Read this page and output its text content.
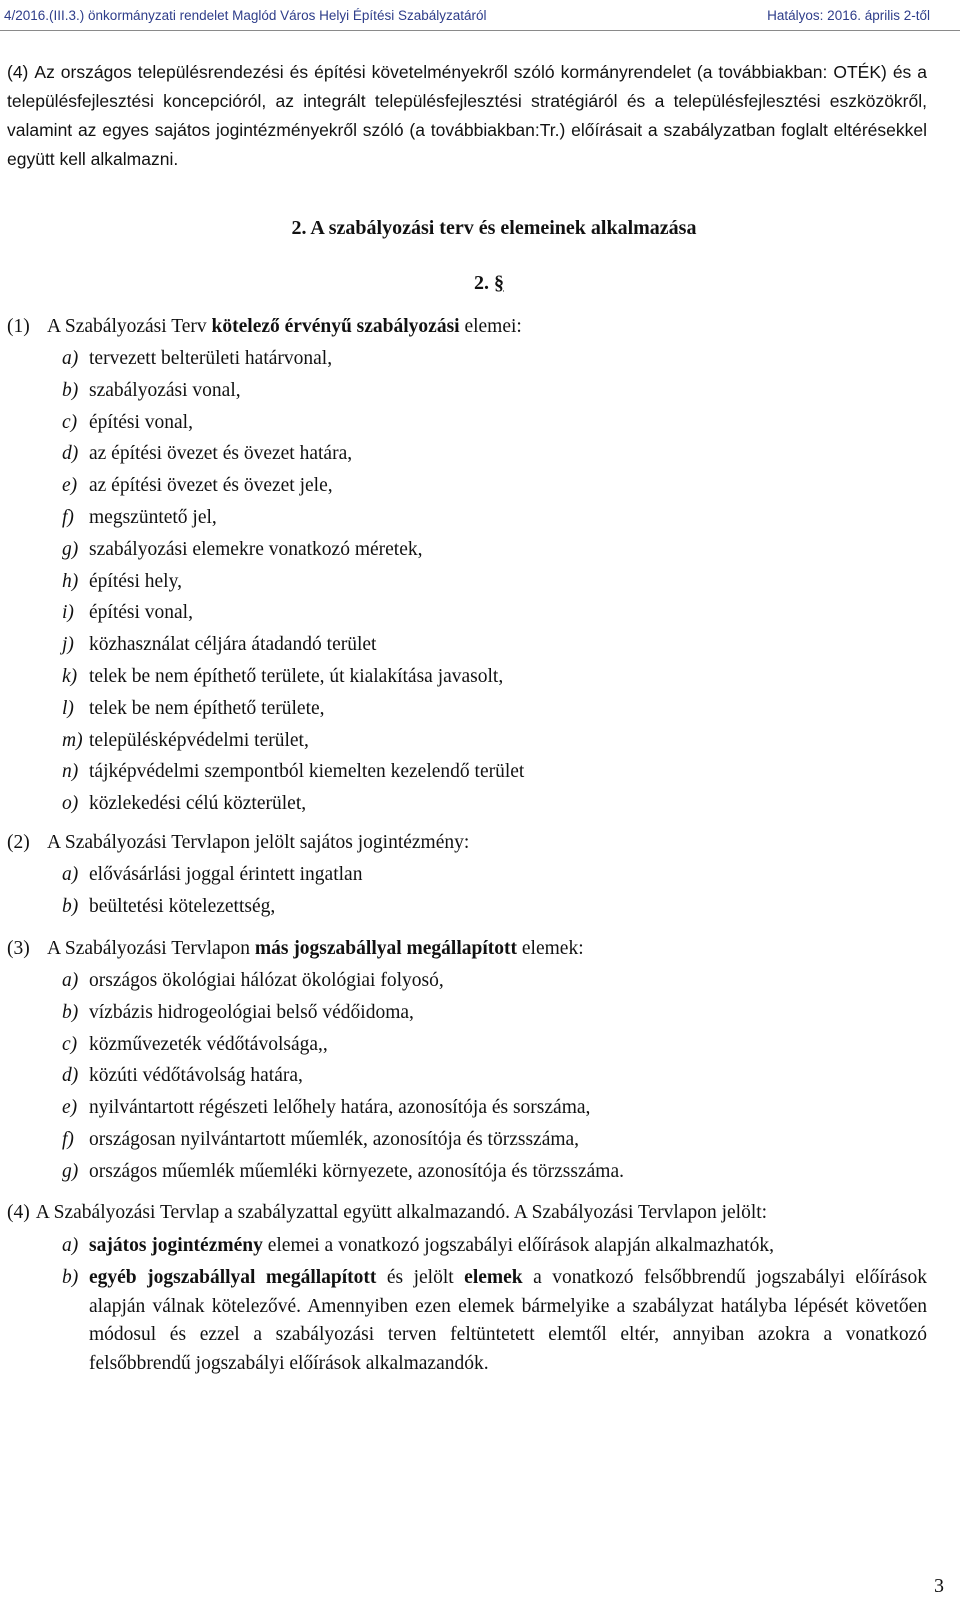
4/2016.(III.3.) önkormányzati rendelet Maglód Város Helyi Építési Szabályzatáról	Hatályos: 2016. április 2-től
(4) Az országos településrendezési és építési követelményekről szóló kormányrendelet (a továbbiakban: OTÉK) és a településfejlesztési koncepcióról, az integrált településfejlesztési stratégiáról és a településfejlesztési eszközökről, valamint az egyes sajátos jogintézményekről szóló (a továbbiakban:Tr.) előírásait a szabályzatban foglalt eltérésekkel együtt kell alkalmazni.
2. A szabályozási terv és elemeinek alkalmazása
2. §
(1) A Szabályozási Terv kötelező érvényű szabályozási elemei:
a) tervezett belterületi határvonal,
b) szabályozási vonal,
c) építési vonal,
d) az építési övezet és övezet határa,
e) az építési övezet és övezet jele,
f) megszüntető jel,
g) szabályozási elemekre vonatkozó méretek,
h) építési hely,
i) építési vonal,
j) közhasználat céljára átadandó terület
k) telek be nem építhető területe, út kialakítása javasolt,
l) telek be nem építhető területe,
m) településképvédelmi terület,
n) tájképvédelmi szempontból kiemelten kezelendő terület
o) közlekedési célú közterület,
(2) A Szabályozási Tervlapon jelölt sajátos jogintézmény:
a) elővásárlási joggal érintett ingatlan
b) beültetési kötelezettség,
(3) A Szabályozási Tervlapon más jogszabállyal megállapított elemek:
a) országos ökológiai hálózat ökológiai folyosó,
b) vízbázis hidrogeológiai belső védőidoma,
c) közművezeték védőtávolsága,,
d) közúti védőtávolság határa,
e) nyilvántartott régészeti lelőhely határa, azonosítója és sorszáma,
f) országosan nyilvántartott műemlék, azonosítója és törzsszáma,
g) országos műemlék műemléki környezete, azonosítója és törzsszáma.
(4) A Szabályozási Tervlap a szabályzattal együtt alkalmazandó. A Szabályozási Tervlapon jelölt:
a) sajátos jogintézmény elemei a vonatkozó jogszabályi előírások alapján alkalmazhatók,
b) egyéb jogszabállyal megállapított és jelölt elemek a vonatkozó felsőbbrendű jogszabályi előírások alapján válnak kötelezővé. Amennyiben ezen elemek bármelyike a szabályzat hatályba lépését követően módosul és ezzel a szabályozási terven feltüntetett elemtől eltér, annyiban azokra a vonatkozó felsőbbrendű jogszabályi előírások alkalmazandók.
3
